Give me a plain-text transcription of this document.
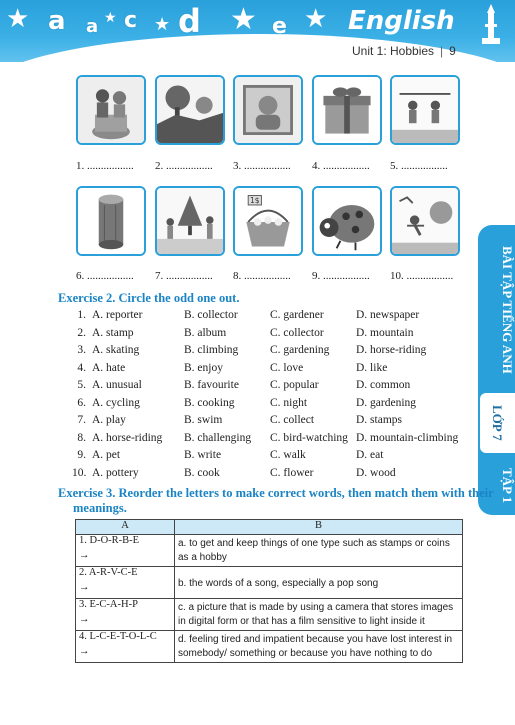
★ a a ★ c ★ d ★ e ★ English
Unit 1: Hobbies | 9
1. ................. 2. ................. 3. ................. 4. ................. 5. .................
1$
6. ................. 7. ................. 8. ................. 9. ................. 10. .................	BÀI TẬP TIẾNG ANH
LỚP 7
TẬP 1
Exercise 2. Circle the odd one out.
1. A. reporter	B. collector	C. gardener	D. newspaper
2. A. stamp	B. album	C. collector	D. mountain
3. A. skating	B. climbing	C. gardening D. horse-riding
4. A. hate	B. enjoy	C. love	D. like
5. A. unusual	B. favourite	C. popular	D. common
6. A. cycling	B. cooking	C. night	D. gardening
7. A. play	B. swim	C. collect	D. stamps
8. A. horse-riding B. challenging C. bird-watching D. mountain-climbing
9. A. pet	B. write	C. walk	D. eat
10. A. pottery	B. cook	C. flower	D. wood
Exercise 3. Reorder the letters to make correct words, then match them with their
meanings.
A	B
1. D-O-R-B-E
→	a. to get and keep things of one type such as stamps or coins as a hobby
2. A-R-V-C-E
→	b. the words of a song, especially a pop song
3. E-C-A-H-P
→	c. a picture that is made by using a camera that stores images in digital form or that has a film sensitive to light inside it
4. L-C-E-T-O-L-C
→	d. feeling tired and impatient because you have lost interest in somebody/ something or because you have nothing to do
